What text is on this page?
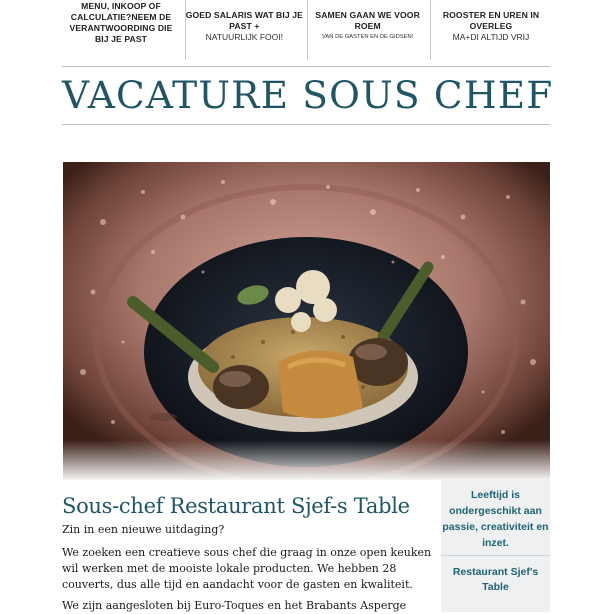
MENU, INKOOP OF CALCULATIE?NEEM DE VERANTWOORDING DIE BIJ JE PAST
GOED SALARIS WAT BIJ JE PAST +
NATUURLIJK FOOI!
SAMEN GAAN WE VOOR ROEM
VAN DE GASTEN EN DE GIDSEN!
ROOSTER EN UREN IN OVERLEG
MA+DI ALTIJD VRIJ
VACATURE SOUS CHEF
Sous-chef Restaurant Sjef-s Table
Zin in een nieuwe uitdaging?
We zoeken een creatieve sous chef die graag in onze open keuken wil werken met de mooiste lokale producten. We hebben 28 couverts, dus alle tijd en aandacht voor de gasten en kwaliteit.
We zijn aangesloten bij Euro-Toques en het Brabants Asperge
Leeftijd is ondergeschikt aan passie, creativiteit en inzet.
Restaurant Sjef's Table
